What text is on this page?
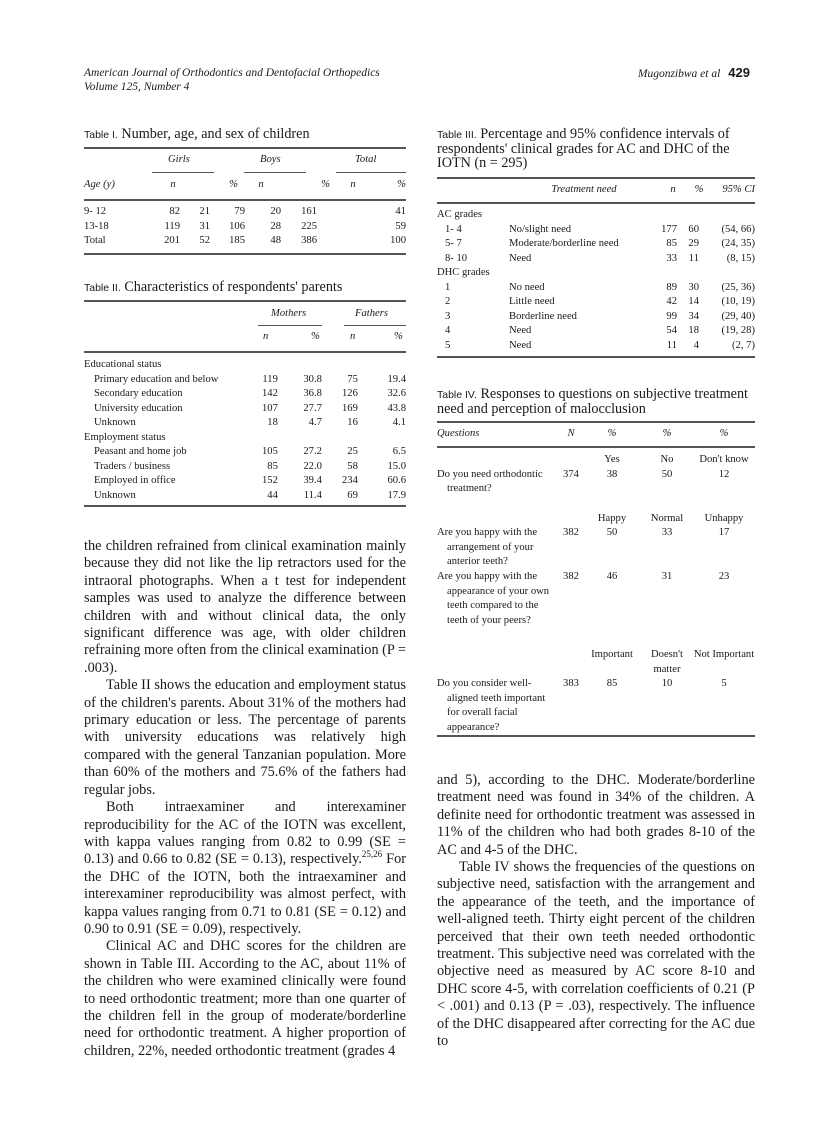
American Journal of Orthodontics and Dentofacial Orthopedics
Volume 125, Number 4
Mugonzibwa et al 429
Table I. Number, age, and sex of children
Girls	Boys	Total
Age (y)	n	%	n	%	n	%
9- 12	82	21	79	20	161	41
13-18	119	31	106	28	225	59
Total	201	52	185	48	386	100
Table II. Characteristics of respondents' parents
Mothers	Fathers
n	%	n	%
Educational status				
Primary education and below	119	30.8	75	19.4
Secondary education	142	36.8	126	32.6
University education	107	27.7	169	43.8
Unknown	18	4.7	16	4.1
Employment status				
Peasant and home job	105	27.2	25	6.5
Traders / business	85	22.0	58	15.0
Employed in office	152	39.4	234	60.6
Unknown	44	11.4	69	17.9
Table III. Percentage and 95% confidence intervals of respondents' clinical grades for AC and DHC of the IOTN (n = 295)
	Treatment need	n	%	95% CI
AC grades				
1- 4	No/slight need	177	60	(54, 66)
5- 7	Moderate/borderline need	85	29	(24, 35)
8- 10	Need	33	11	(8, 15)
DHC grades				
1	No need	89	30	(25, 36)
2	Little need	42	14	(10, 19)
3	Borderline need	99	34	(29, 40)
4	Need	54	18	(19, 28)
5	Need	11	4	(2, 7)
Table IV. Responses to questions on subjective treatment need and perception of malocclusion
Questions	N	%	%	%
		Yes	No	Don't know
Do you need orthodontic treatment?	374	38	50	12
		Happy	Normal	Unhappy
Are you happy with the arrangement of your anterior teeth?	382	50	33	17
Are you happy with the appearance of your own teeth compared to the teeth of your peers?	382	46	31	23
		Important	Doesn't matter	Not Important
Do you consider well-aligned teeth important for overall facial appearance?	383	85	10	5

the children refrained from clinical examination mainly because they did not like the lip retractors used for the intraoral photographs. When a t test for independent samples was used to analyze the difference between children with and without clinical data, the only significant difference was age, with older children refraining more often from the clinical examination (P = .003).

Table II shows the education and employment status of the children's parents. About 31% of the mothers had primary education or less. The percentage of parents with university educations was relatively high compared with the general Tanzanian population. More than 60% of the mothers and 75.6% of the fathers had regular jobs.

Both intraexaminer and interexaminer reproducibility for the AC of the IOTN was excellent, with kappa values ranging from 0.82 to 0.99 (SE = 0.13) and 0.66 to 0.82 (SE = 0.13), respectively.$^{25,26}$ For the DHC of the IOTN, both the intraexaminer and interexaminer reproducibility was almost perfect, with kappa values ranging from 0.71 to 0.81 (SE = 0.12) and 0.90 to 0.91 (SE = 0.09), respectively.

Clinical AC and DHC scores for the children are shown in Table III. According to the AC, about 11% of the children who were examined clinically were found to need orthodontic treatment; more than one quarter of the children fell in the group of moderate/borderline need for orthodontic treatment. A higher proportion of children, 22%, needed orthodontic treatment (grades 4

and 5), according to the DHC. Moderate/borderline treatment need was found in 34% of the children. A definite need for orthodontic treatment was assessed in 11% of the children who had both grades 8-10 of the AC and 4-5 of the DHC.

Table IV shows the frequencies of the questions on subjective need, satisfaction with the arrangement and the appearance of the teeth, and the importance of well-aligned teeth. Thirty eight percent of the children perceived that their own teeth needed orthodontic treatment. This subjective need was correlated with the objective need as measured by AC score 8-10 and DHC score 4-5, with correlation coefficients of 0.21 (P < .001) and 0.13 (P = .03), respectively. The influence of the DHC disappeared after correcting for the AC due to
